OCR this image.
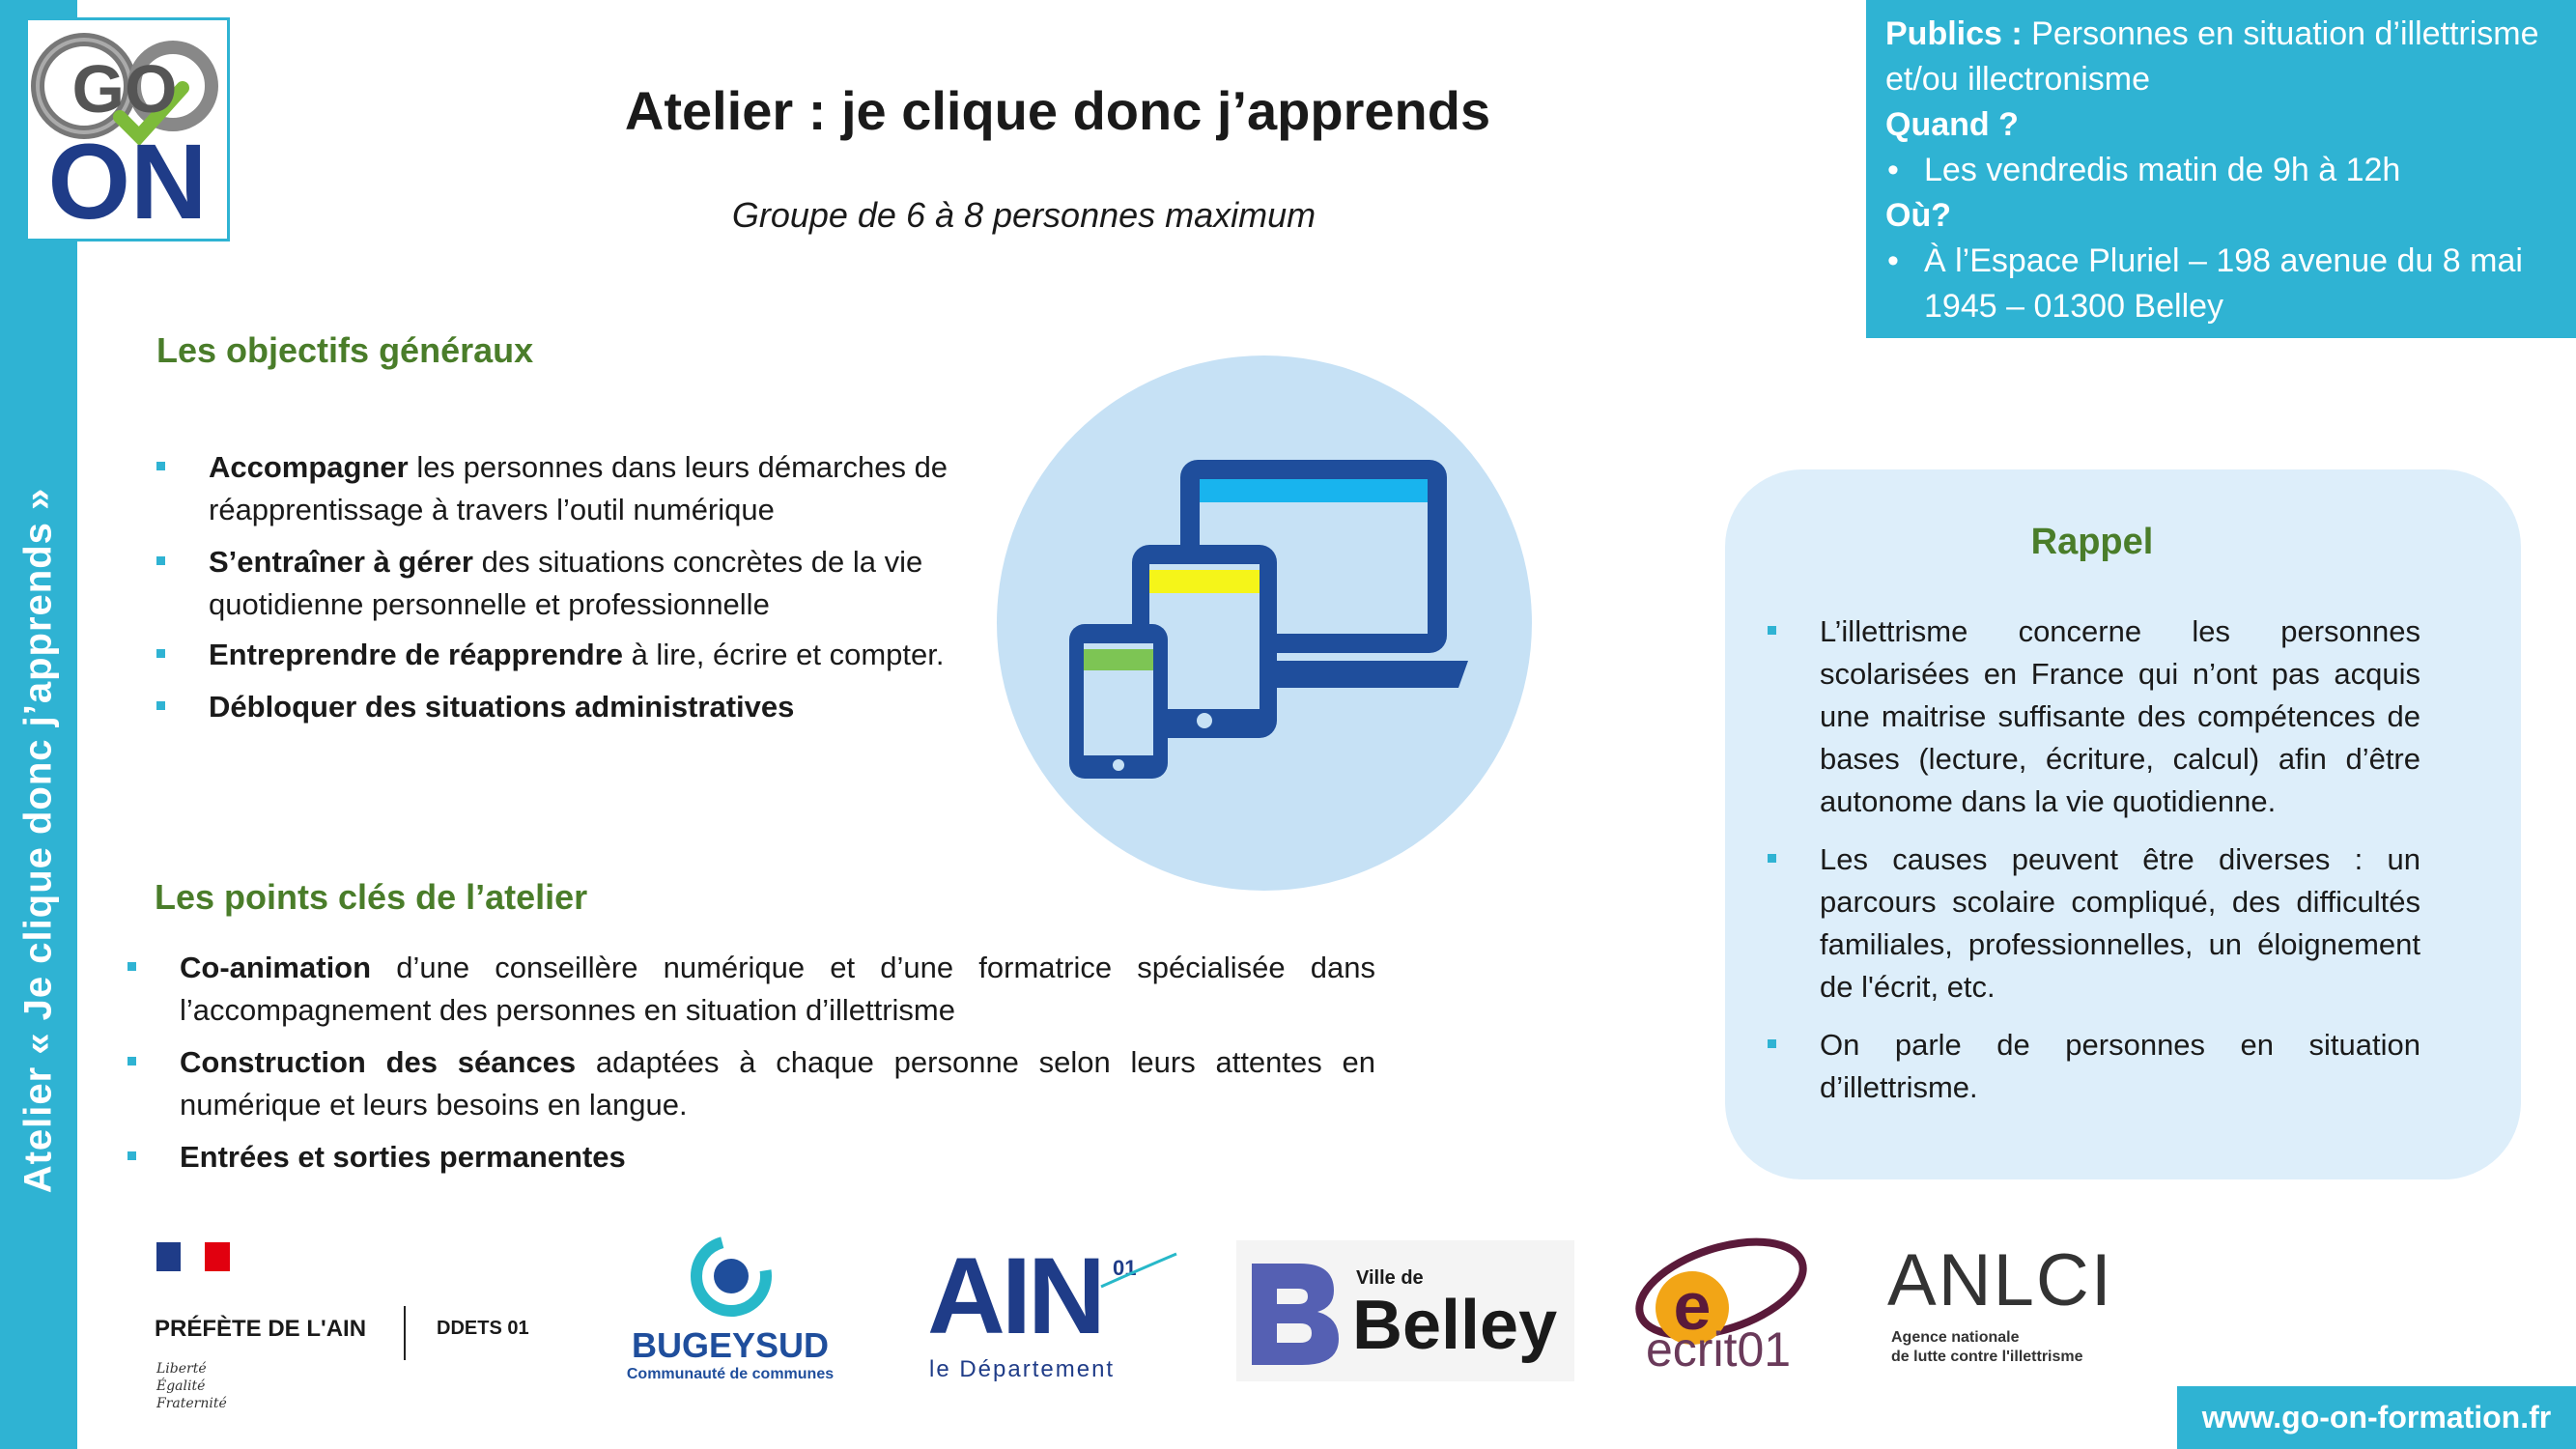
Atelier « Je clique donc j’apprends »
ON
GO	Atelier : je clique donc j’apprends
Groupe de 6 à 8 personnes maximum
Publics : Personnes en situation d’illettrisme et/ou illectronisme
Quand ?
• Les vendredis matin de 9h à 12h
Où?
• À l’Espace Pluriel – 198 avenue du 8 mai 1945 – 01300 Belley
Les objectifs généraux
Accompagner les personnes dans leurs démarches de réapprentissage à travers l’outil numérique
S’entraîner à gérer des situations concrètes de la vie quotidienne personnelle et professionnelle
Entreprendre de réapprendre à lire, écrire et compter.
Débloquer des situations administratives
Les points clés de l’atelier
Co-animation d’une conseillère numérique et d’une formatrice spécialisée dans l’accompagnement des personnes en situation d’illettrisme
Construction des séances adaptées à chaque personne selon leurs attentes en numérique et leurs besoins en langue.
Entrées et sorties permanentes
Rappel
L’illettrisme concerne les personnes scolarisées en France qui n’ont pas acquis une maitrise suffisante des compétences de bases (lecture, écriture, calcul) afin d’être autonome dans la vie quotidienne.
Les causes peuvent être diverses : un parcours scolaire compliqué, des difficultés familiales, professionnelles, un éloignement de l'écrit, etc.
On parle de personnes en situation d’illettrisme.
PRÉFÈTE DE L'AIN	DDETS 01
Liberté
Égalité
Fraternité
BUGEYSUD
Communauté de communes
AIN 01
le Département
Ville de
Belley e
ecrit01
ANLCI
Agence nationale
de lutte contre l'illettrisme
www.go-on-formation.fr
